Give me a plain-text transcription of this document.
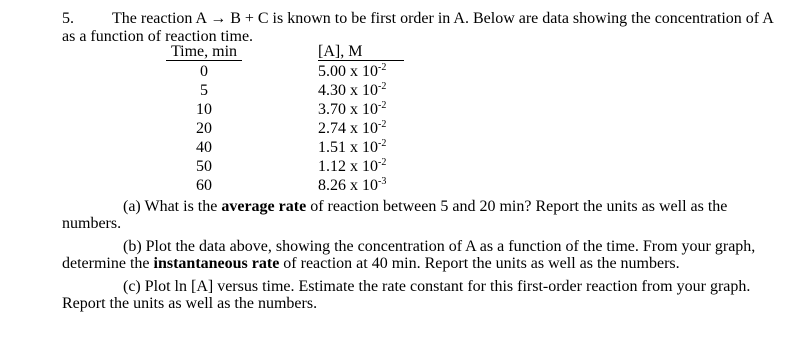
5. The reaction A → B + C is known to be first order in A. Below are data showing the concentration of A
as a function of reaction time.
Time, min	[A], M
0	5.00 x $10^{-2}$
5	4.30 x $10^{-2}$
10	3.70 x $10^{-2}$
20	2.74 x $10^{-2}$
40	1.51 x $10^{-2}$
50	1.12 x $10^{-2}$
60	8.26 x $10^{-3}$
(a) What is the average rate of reaction between 5 and 20 min? Report the units as well as the
numbers.
(b) Plot the data above, showing the concentration of A as a function of the time. From your graph,
determine the instantaneous rate of reaction at 40 min. Report the units as well as the numbers.
(c) Plot ln [A] versus time. Estimate the rate constant for this first-order reaction from your graph.
Report the units as well as the numbers.
